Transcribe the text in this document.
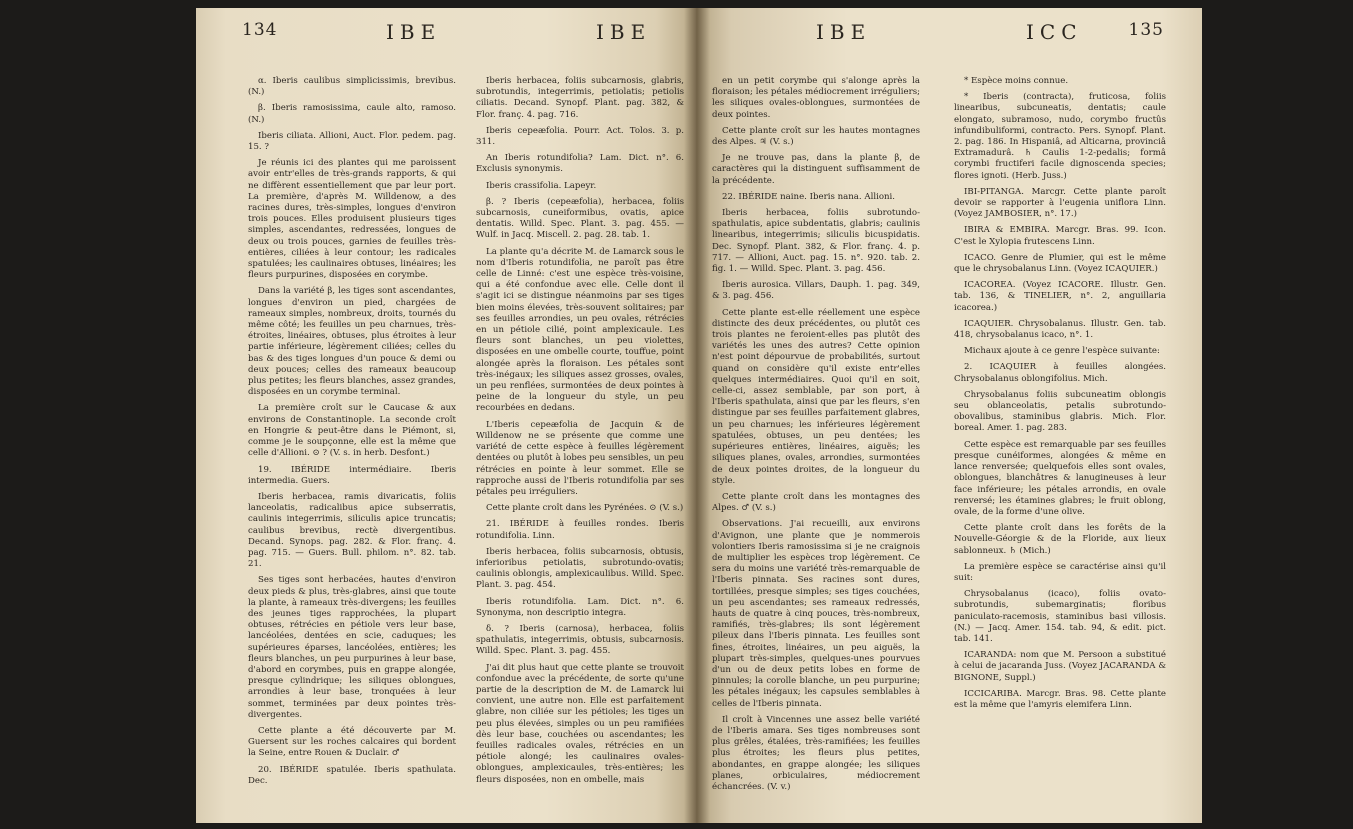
134	IBE	IBE

α. Iberis caulibus simplicissimis, brevibus. (N.)

β. Iberis ramosissima, caule alto, ramoso. (N.)

Iberis ciliata. Allioni, Auct. Flor. pedem. pag. 15. ?

Je réunis ici des plantes qui me paroissent avoir entr'elles de très-grands rapports, & qui ne diffèrent essentiellement que par leur port. La première, d'après M. Willdenow, a des racines dures, très-simples, longues d'environ trois pouces. Elles produisent plusieurs tiges simples, ascendantes, redressées, longues de deux ou trois pouces, garnies de feuilles très-entières, ciliées à leur contour; les radicales spatulées; les caulinaires obtuses, linéaires; les fleurs purpurines, disposées en corymbe.

Dans la variété β, les tiges sont ascendantes, longues d'environ un pied, chargées de rameaux simples, nombreux, droits, tournés du même côté; les feuilles un peu charnues, très-étroites, linéaires, obtuses, plus étroites à leur partie inférieure, légèrement ciliées; celles du bas & des tiges longues d'un pouce & demi ou deux pouces; celles des rameaux beaucoup plus petites; les fleurs blanches, assez grandes, disposées en un corymbe terminal.

La première croît sur le Caucase & aux environs de Constantinople. La seconde croît en Hongrie & peut-être dans le Piémont, si, comme je le soupçonne, elle est la même que celle d'Allioni. ⊙ ? (V. s. in herb. Desfont.)

19. IBÉRIDE intermédiaire. Iberis intermedia. Guers.

Iberis herbacea, ramis divaricatis, foliis lanceolatis, radicalibus apice subserratis, caulinis integerrimis, siliculis apice truncatis; caulibus brevibus, rectè divergentibus. Decand. Synops. pag. 282. & Flor. franç. 4. pag. 715. — Guers. Bull. philom. n°. 82. tab. 21.

Ses tiges sont herbacées, hautes d'environ deux pieds & plus, très-glabres, ainsi que toute la plante, à rameaux très-divergens; les feuilles des jeunes tiges rapprochées, la plupart obtuses, rétrécies en pétiole vers leur base, lancéolées, dentées en scie, caduques; les supérieures éparses, lancéolées, entières; les fleurs blanches, un peu purpurines à leur base, d'abord en corymbes, puis en grappe alongée, presque cylindrique; les siliques oblongues, arrondies à leur base, tronquées à leur sommet, terminées par deux pointes très-divergentes.

Cette plante a été découverte par M. Guersent sur les roches calcaires qui bordent la Seine, entre Rouen & Duclair. ♂

20. IBÉRIDE spatulée. Iberis spathulata. Dec.

Iberis herbacea, foliis subcarnosis, glabris, subrotundis, integerrimis, petiolatis; petiolis ciliatis. Decand. Synopf. Plant. pag. 382, & Flor. franç. 4. pag. 716.

Iberis cepeæfolia. Pourr. Act. Tolos. 3. p. 311.

An Iberis rotundifolia? Lam. Dict. n°. 6. Exclusis synonymis.

Iberis crassifolia. Lapeyr.

β. ? Iberis (cepeæfolia), herbacea, foliis subcarnosis, cuneiformibus, ovatis, apice dentatis. Willd. Spec. Plant. 3. pag. 455. — Wulf. in Jacq. Miscell. 2. pag. 28. tab. 1.

La plante qu'a décrite M. de Lamarck sous le nom d'Iberis rotundifolia, ne paroît pas être celle de Linné: c'est une espèce très-voisine, qui a été confondue avec elle. Celle dont il s'agit ici se distingue néanmoins par ses tiges bien moins élevées, très-souvent solitaires; par ses feuilles arrondies, un peu ovales, rétrécies en un pétiole cilié, point amplexicaule. Les fleurs sont blanches, un peu violettes, disposées en une ombelle courte, touffue, point alongée après la floraison. Les pétales sont très-inégaux; les siliques assez grosses, ovales, un peu renflées, surmontées de deux pointes à peine de la longueur du style, un peu recourbées en dedans.

L'Iberis cepeæfolia de Jacquin & de Willdenow ne se présente que comme une variété de cette espèce à feuilles légèrement dentées ou plutôt à lobes peu sensibles, un peu rétrécies en pointe à leur sommet. Elle se rapproche aussi de l'Iberis rotundifolia par ses pétales peu irréguliers.

Cette plante croît dans les Pyrénées. ⊙ (V. s.)

21. IBÉRIDE à feuilles rondes. Iberis rotundifolia. Linn.

Iberis herbacea, foliis subcarnosis, obtusis, inferioribus petiolatis, subrotundo-ovatis; caulinis oblongis, amplexicaulibus. Willd. Spec. Plant. 3. pag. 454.

Iberis rotundifolia. Lam. Dict. n°. 6. Synonyma, non descriptio integra.

δ. ? Iberis (carnosa), herbacea, foliis spathulatis, integerrimis, obtusis, subcarnosis. Willd. Spec. Plant. 3. pag. 455.

J'ai dit plus haut que cette plante se trouvoit confondue avec la précédente, de sorte qu'une partie de la description de M. de Lamarck lui convient, une autre non. Elle est parfaitement glabre, non ciliée sur les pétioles; les tiges un peu plus élevées, simples ou un peu ramifiées dès leur base, couchées ou ascendantes; les feuilles radicales ovales, rétrécies en un pétiole alongé; les caulinaires ovales-oblongues, amplexicaules, très-entières; les fleurs disposées, non en ombelle, mais

IBE	ICC	135

en un petit corymbe qui s'alonge après la floraison; les pétales médiocrement irréguliers; les siliques ovales-oblongues, surmontées de deux pointes.

Cette plante croît sur les hautes montagnes des Alpes. ♃ (V. s.)

Je ne trouve pas, dans la plante β, de caractères qui la distinguent suffisamment de la précédente.

22. IBÉRIDE naine. Iberis nana. Allioni.

Iberis herbacea, foliis subrotundo-spathulatis, apice subdentatis, glabris; caulinis linearibus, integerrimis; siliculis bicuspidatis. Dec. Synopf. Plant. 382, & Flor. franç. 4. p. 717. — Allioni, Auct. pag. 15. n°. 920. tab. 2. fig. 1. — Willd. Spec. Plant. 3. pag. 456.

Iberis aurosica. Villars, Dauph. 1. pag. 349, & 3. pag. 456.

Cette plante est-elle réellement une espèce distincte des deux précédentes, ou plutôt ces trois plantes ne feroient-elles pas plutôt des variétés les unes des autres? Cette opinion n'est point dépourvue de probabilités, surtout quand on considère qu'il existe entr'elles quelques intermédiaires. Quoi qu'il en soit, celle-ci, assez semblable, par son port, à l'Iberis spathulata, ainsi que par les fleurs, s'en distingue par ses feuilles parfaitement glabres, un peu charnues; les inférieures légèrement spatulées, obtuses, un peu dentées; les supérieures entières, linéaires, aiguës; les siliques planes, ovales, arrondies, surmontées de deux pointes droites, de la longueur du style.

Cette plante croît dans les montagnes des Alpes. ♂ (V. s.)

Observations. J'ai recueilli, aux environs d'Avignon, une plante que je nommerois volontiers Iberis ramosissima si je ne craignois de multiplier les espèces trop légèrement. Ce sera du moins une variété très-remarquable de l'Iberis pinnata. Ses racines sont dures, tortillées, presque simples; ses tiges couchées, un peu ascendantes; ses rameaux redressés, hauts de quatre à cinq pouces, très-nombreux, ramifiés, très-glabres; ils sont légèrement pileux dans l'Iberis pinnata. Les feuilles sont fines, étroites, linéaires, un peu aiguës, la plupart très-simples, quelques-unes pourvues d'un ou de deux petits lobes en forme de pinnules; la corolle blanche, un peu purpurine; les pétales inégaux; les capsules semblables à celles de l'Iberis pinnata.

Il croît à Vincennes une assez belle variété de l'Iberis amara. Ses tiges nombreuses sont plus grêles, étalées, très-ramifiées; les feuilles plus étroites; les fleurs plus petites, abondantes, en grappe alongée; les siliques planes, orbiculaires, médiocrement échancrées. (V. v.)

* Espèce moins connue.

* Iberis (contracta), fruticosa, foliis linearibus, subcuneatis, dentatis; caule elongato, subramoso, nudo, corymbo fructûs infundibuliformi, contracto. Pers. Synopf. Plant. 2. pag. 186. In Hispaniâ, ad Alticarna, provinciâ Extramadurâ. ♄ Caulis 1-2-pedalis; formâ corymbi fructiferi facile dignoscenda species; flores ignoti. (Herb. Juss.)

IBI-PITANGA. Marcgr. Cette plante paroît devoir se rapporter à l'eugenia uniflora Linn. (Voyez JAMBOSIER, n°. 17.)

IBIRA & EMBIRA. Marcgr. Bras. 99. Icon. C'est le Xylopia frutescens Linn.

ICACO. Genre de Plumier, qui est le même que le chrysobalanus Linn. (Voyez ICAQUIER.)

ICACOREA. (Voyez ICACORE. Illustr. Gen. tab. 136, & TINELIER, n°. 2, anguillaria icacorea.)

ICAQUIER. Chrysobalanus. Illustr. Gen. tab. 418, chrysobalanus icaco, n°. 1.

Michaux ajoute à ce genre l'espèce suivante:

2. ICAQUIER à feuilles alongées. Chrysobalanus oblongifolius. Mich.

Chrysobalanus foliis subcuneatim oblongis seu oblanceolatis, petalis subrotundo-obovalibus, staminibus glabris. Mich. Flor. boreal. Amer. 1. pag. 283.

Cette espèce est remarquable par ses feuilles presque cunéiformes, alongées & même en lance renversée; quelquefois elles sont ovales, oblongues, blanchâtres & lanugineuses à leur face inférieure; les pétales arrondis, en ovale renversé; les étamines glabres; le fruit oblong, ovale, de la forme d'une olive.

Cette plante croît dans les forêts de la Nouvelle-Géorgie & de la Floride, aux lieux sablonneux. ♄ (Mich.)

La première espèce se caractérise ainsi qu'il suit:

Chrysobalanus (icaco), foliis ovato-subrotundis, subemarginatis; floribus paniculato-racemosis, staminibus basi villosis. (N.) — Jacq. Amer. 154. tab. 94, & edit. pict. tab. 141.

ICARANDA: nom que M. Persoon a substitué à celui de jacaranda Juss. (Voyez JACARANDA & BIGNONE, Suppl.)

ICCICARIBA. Marcgr. Bras. 98. Cette plante est la même que l'amyris elemifera Linn.
